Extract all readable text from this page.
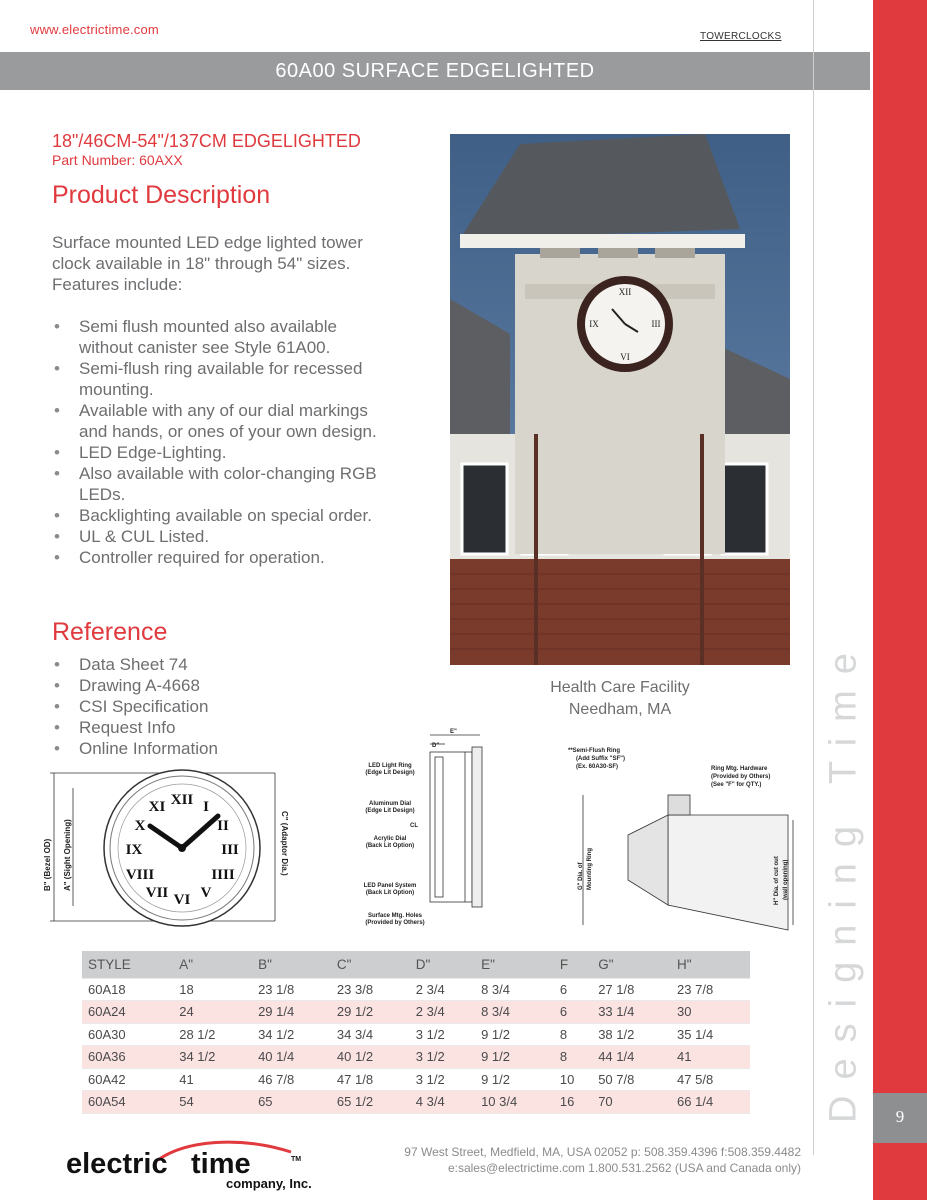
www.electrictime.com	TOWERCLOCKS
60A00 SURFACE EDGELIGHTED
9
Designing Time
18"/46CM-54"/137CM EDGELIGHTED
Part Number: 60AXX
Product Description

Surface mounted LED edge lighted tower clock available in 18" through 54" sizes. Features include:

• Semi flush mounted also available without canister see Style 61A00.
• Semi-flush ring available for recessed mounting.
• Available with any of our dial markings and hands, or ones of your own design.
• LED Edge-Lighting.
• Also available with color-changing RGB LEDs.
• Backlighting available on special order.
• UL & CUL Listed.
• Controller required for operation.
Reference
• Data Sheet 74
• Drawing A-4668
• CSI Specification
• Request Info
• Online Information
XII
VI
IX	III
Health Care Facility
Needham, MA
XII I
II
III
IIII
V
VI
VII
VIII
IX
X
XI
B" (Bezel OD) A" (Sight Opening)	C" (Adaptor Dia.)
E"
D"
CL
LED Light Ring
(Edge Lit Design)
Aluminum Dial
(Edge Lit Design)
Acrylic Dial
(Back Lit Option)
LED Panel System
(Back Lit Option)
Surface Mtg. Holes
(Provided by Others)
**Semi-Flush Ring
(Add Suffix "SF")
(Ex. 60A30-SF)	Ring Mtg. Hardware
(Provided by Others)
(See "F" for QTY.)
G" Dia. of Mounting Ring	H" Dia. of cut out (wall opening)
STYLE	A"	B"	C"	D"	E"	F	G"	H"
60A18	18	23 1/8	23 3/8	2 3/4	8 3/4	6	27 1/8	23 7/8
60A24	24	29 1/4	29 1/2	2 3/4	8 3/4	6	33 1/4	30
60A30	28 1/2	34 1/2	34 3/4	3 1/2	9 1/2	8	38 1/2	35 1/4
60A36	34 1/2	40 1/4	40 1/2	3 1/2	9 1/2	8	44 1/4	41
60A42	41	46 7/8	47 1/8	3 1/2	9 1/2	10	50 7/8	47 5/8
60A54	54	65	65 1/2	4 3/4	10 3/4	16	70	66 1/4
electric time	TM
company, Inc.
97 West Street, Medfield, MA, USA 02052 p: 508.359.4396 f:508.359.4482
e:sales@electrictime.com 1.800.531.2562 (USA and Canada only)
